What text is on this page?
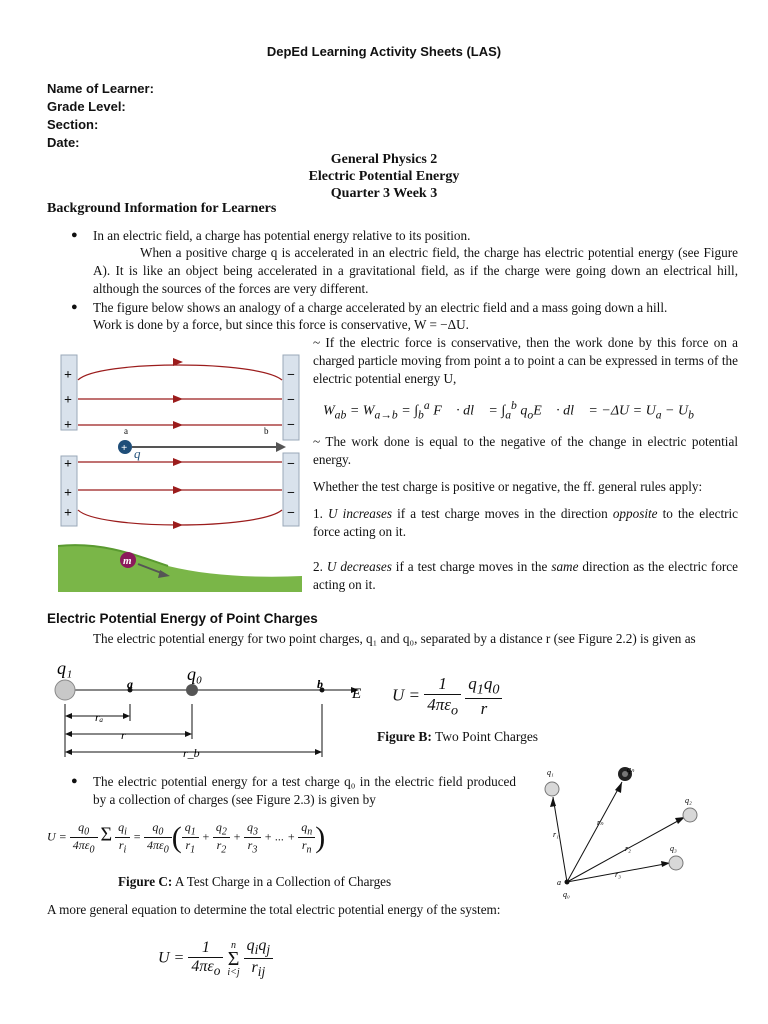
DepEd Learning Activity Sheets (LAS)
Name of Learner:
Grade Level:
Section:
Date:
General Physics 2
Electric Potential Energy
Quarter 3 Week 3
Background Information for Learners
● In an electric field, a charge has potential energy relative to its position.
When a positive charge q is accelerated in an electric field, the charge has electric potential energy (see Figure A). It is like an object being accelerated in a gravitational field, as if the charge were going down an electrical hill, although the sources of the forces are very different.
● The figure below shows an analogy of a charge accelerated by an electric field and a mass going down a hill.
Work is done by a force, but since this force is conservative, W = −ΔU.
+
+
+
+
+
+
−
−
−
−
−
−
a	b
+ q
m
~ If the electric force is conservative, then the work done by this force on a charged particle moving from point a to point a can be expressed in terms of the electric potential energy U,
$W_{ab} = W_{a\to b} = \int_b^a$ F⃗ · dl⃗ = $\int_a^b$ $q_oE⃗$ · dl⃗ = $-\Delta U = U_a - U_b$
~ The work done is equal to the negative of the change in electric potential energy.
Whether the test charge is positive or negative, the ff. general rules apply:
1. U increases if a test charge moves in the direction opposite to the electric force acting on it.
2. U decreases if a test charge moves in the same direction as the electric force acting on it.
Electric Potential Energy of Point Charges
The electric potential energy for two point charges, q₁ and q₀, separated by a distance r (see Figure 2.2) is given as
q₁	q₀
a	b
E⃗
rₐ
r
r_b
$U = \frac{1}{4\pi\varepsilon_o}$
$\frac{q_1q_0}{r}$
Figure B: Two Point Charges
● The electric potential energy for a test charge q₀ in the electric field produced by a collection of charges (see Figure 2.3) is given by
$U = \frac{q_0}{4\pi\varepsilon_0}$ Σ $\frac{q_i}{r_i} = \frac{q_0}{4\pi\varepsilon_0}$ ( $\frac{q_1}{r_1} + \frac{q_2}{r_2} + \frac{q_3}{r_3}$ + ... + $\frac{q_n}{r_n}$ )
Figure C: A Test Charge in a Collection of Charges
A more general equation to determine the total electric potential energy of the system:
$U = \frac{1}{4\pi\varepsilon_o}$
n
Σ
i<j
$\frac{q_iq_j}{r_{ij}}$
q₁	qₙ
q₂
q₃
r₁
rₙ
r₂
r₃
a
q₀
